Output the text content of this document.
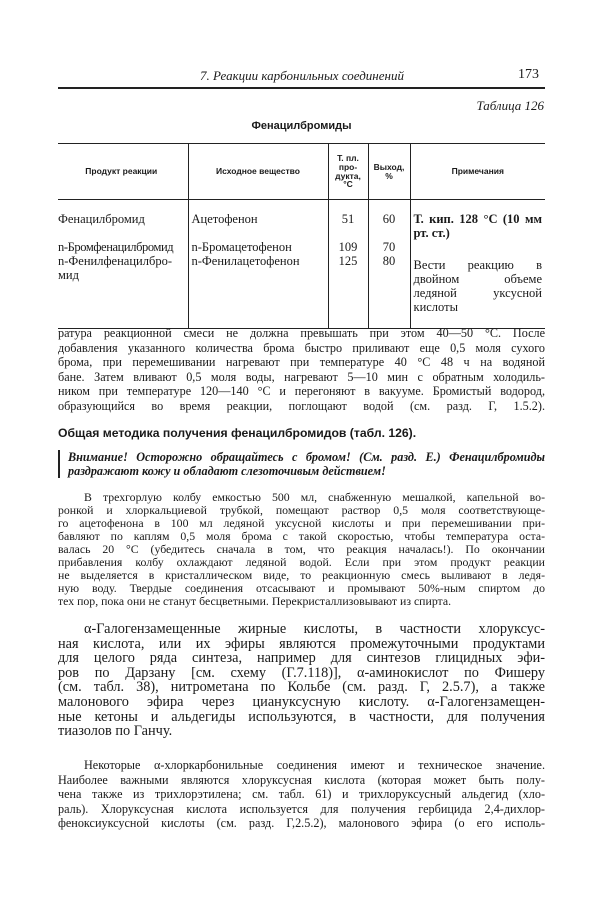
7. Реакции карбонильных соединений	173
Таблица 126
Фенацилбромиды
Продукт реакции	Исходное вещество	Т. пл. про- дукта, °C	Выход, %	Примечания
Фенацилбромид	Ацетофенон	51	60	Т. кип. 128 °C (10 мм рт. ст.)
n-Бромфенацилбромид	n-Бромацетофенон	109	70	
n-Фенилфенацилбро- мид	n-Фенилацетофенон	125	80	Вести реакцию в двойном объеме ледяной уксусной кислоты
ратура реакционной смеси не должна превышать при этом 40—50 °C. После
добавления указанного количества брома быстро приливают еще 0,5 моля сухого
брома, при перемешивании нагревают при температуре 40 °C 48 ч на водяной
бане. Затем вливают 0,5 моля воды, нагревают 5—10 мин с обратным холодиль-
ником при температуре 120—140 °C и перегоняют в вакууме. Бромистый водород,
образующийся во время реакции, поглощают водой (см. разд. Г, 1.5.2).
Общая методика получения фенацилбромидов (табл. 126).
Внимание! Осторожно обращайтесь с бромом! (См. разд. Е.) Фенацилбромиды
раздражают кожу и обладают слезоточивым действием!
В трехгорлую колбу емкостью 500 мл, снабженную мешалкой, капельной во-
ронкой и хлоркальциевой трубкой, помещают раствор 0,5 моля соответствующе-
го ацетофенона в 100 мл ледяной уксусной кислоты и при перемешивании при-
бавляют по каплям 0,5 моля брома с такой скоростью, чтобы температура оста-
валась 20 °C (убедитесь сначала в том, что реакция началась!). По окончании
прибавления колбу охлаждают ледяной водой. Если при этом продукт реакции
не выделяется в кристаллическом виде, то реакционную смесь выливают в ледя-
ную воду. Твердые соединения отсасывают и промывают 50%-ным спиртом до
тех пор, пока они не станут бесцветными. Перекристаллизовывают из спирта.
α-Галогензамещенные жирные кислоты, в частности хлоруксус-
ная кислота, или их эфиры являются промежуточными продуктами
для целого ряда синтеза, например для синтезов глицидных эфи-
ров по Дарзану [см. схему (Г.7.118)], α-аминокислот по Фишеру
(см. табл. 38), нитрометана по Кольбе (см. разд. Г, 2.5.7), а также
малонового эфира через циануксусную кислоту. α-Галогензамещен-
ные кетоны и альдегиды используются, в частности, для получения
тиазолов по Ганчу.
Некоторые α-хлоркарбонильные соединения имеют и техническое значение.
Наиболее важными являются хлоруксусная кислота (которая может быть полу-
чена также из трихлорэтилена; см. табл. 61) и трихлоруксусный альдегид (хло-
раль). Хлоруксусная кислота используется для получения гербицида 2,4-дихлор-
феноксиуксусной кислоты (см. разд. Г,2.5.2), малонового эфира (о его исполь-
